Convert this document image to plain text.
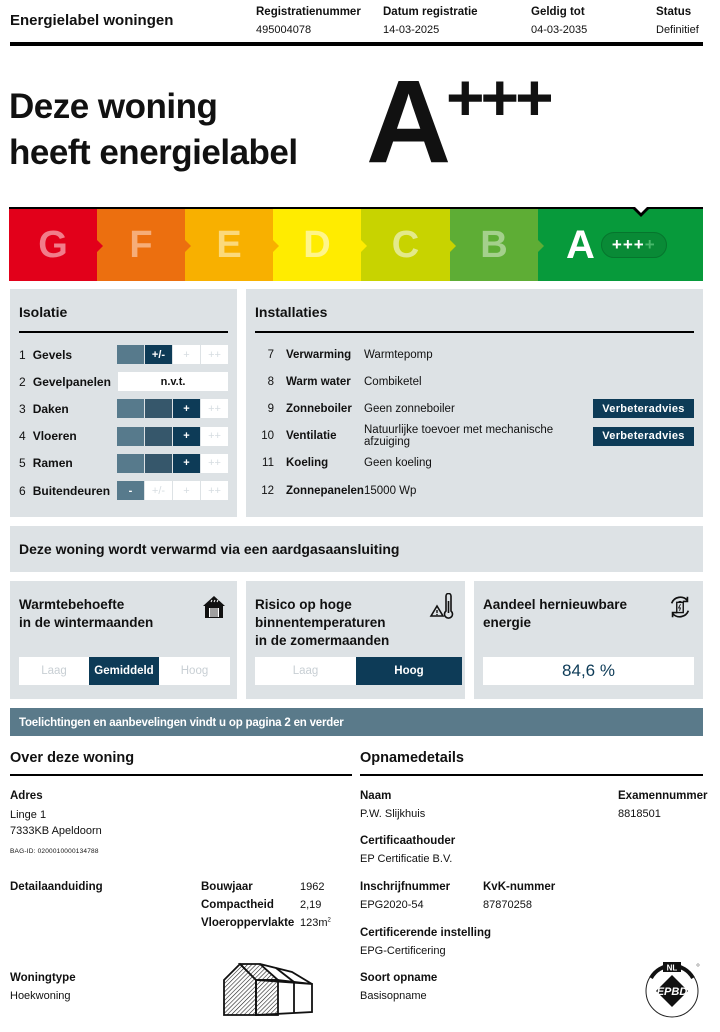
Energielabel woningen	Registratienummer
495004078
Datum registratie
14-03-2025
Geldig tot
04-03-2035
Status
Definitief
Deze woning
heeft energielabel A
+++
G F E D C B A +++ +
Isolatie
1 Gevels	+/-	+	++
2 Gevelpanelen	n.v.t.
3 Daken	+	++
4 Vloeren	+	++
5 Ramen	+	++
6 Buitendeuren	-	+/-	+	++
Installaties
7 Verwarming	Warmtepomp
8 Warm water	Combiketel
9 Zonneboiler	Geen zonneboiler	Verbeteradvies
10 Ventilatie	Natuurlijke toevoer met mechanische afzuiging	Verbeteradvies
11 Koeling	Geen koeling
12 Zonnepanelen 15000 Wp
Deze woning wordt verwarmd via een aardgasaansluiting
Warmtebehoefte
in de wintermaanden
Laag	Gemiddeld	Hoog
Risico op hoge
binnentemperaturen
in de zomermaanden
Laag	Hoog
Aandeel hernieuwbare
energie
84,6 %
Toelichtingen en aanbevelingen vindt u op pagina 2 en verder
Over deze woning
Adres
Linge 1
7333KB Apeldoorn
BAG-ID: 0200010000134788
Detailaanduiding	Bouwjaar	1962
Compactheid 2,19
Vloeroppervlakte $123m^2$
Woningtype
Hoekwoning
Opnamedetails
Naam
P.W. Slijkhuis
Examennummer
8818501
Certificaathouder
EP Certificatie B.V.
Inschrijfnummer
EPG2020-54
KvK-nummer
87870258
Certificerende instelling
EPG-Certificering
Soort opname
Basisopname
NL
EPBD
